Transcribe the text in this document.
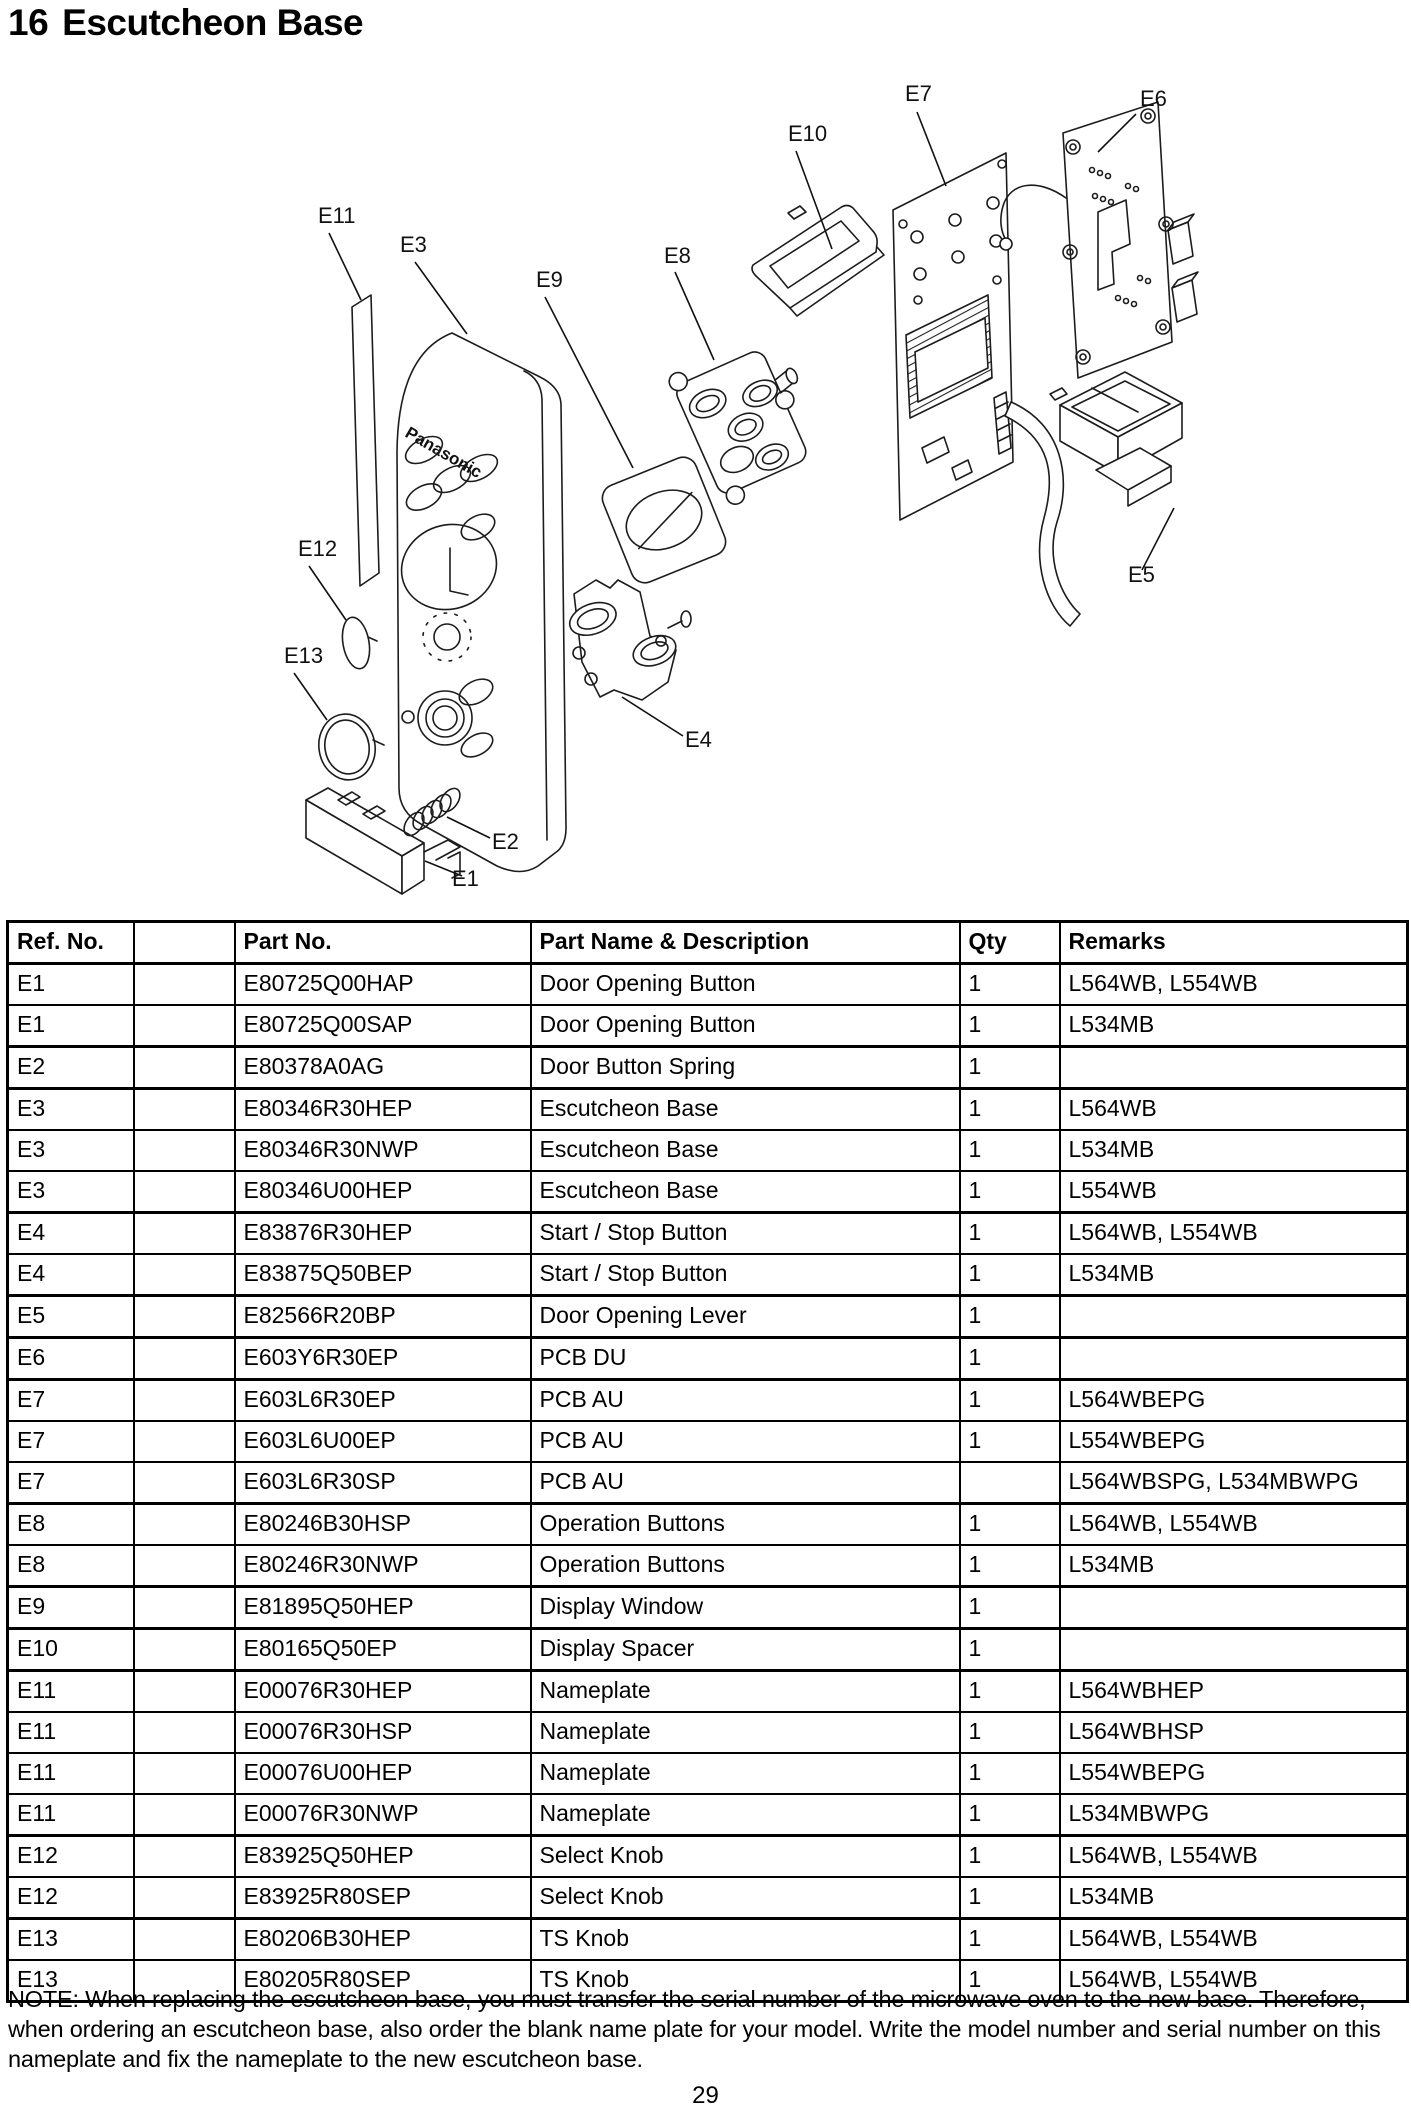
16 Escutcheon Base
Panasonic
E1
E2
E3
E4
E5
E6
E7
E8
E9
E10
E11
E12
E13
Ref. No.		Part No.	Part Name & Description	Qty	Remarks
E1		E80725Q00HAP	Door Opening Button	1	L564WB, L554WB
E1		E80725Q00SAP	Door Opening Button	1	L534MB
E2		E80378A0AG	Door Button Spring	1	
E3		E80346R30HEP	Escutcheon Base	1	L564WB
E3		E80346R30NWP	Escutcheon Base	1	L534MB
E3		E80346U00HEP	Escutcheon Base	1	L554WB
E4		E83876R30HEP	Start / Stop Button	1	L564WB, L554WB
E4		E83875Q50BEP	Start / Stop Button	1	L534MB
E5		E82566R20BP	Door Opening Lever	1	
E6		E603Y6R30EP	PCB DU	1	
E7		E603L6R30EP	PCB AU	1	L564WBEPG
E7		E603L6U00EP	PCB AU	1	L554WBEPG
E7		E603L6R30SP	PCB AU		L564WBSPG, L534MBWPG
E8		E80246B30HSP	Operation Buttons	1	L564WB, L554WB
E8		E80246R30NWP	Operation Buttons	1	L534MB
E9		E81895Q50HEP	Display Window	1	
E10		E80165Q50EP	Display Spacer	1	
E11		E00076R30HEP	Nameplate	1	L564WBHEP
E11		E00076R30HSP	Nameplate	1	L564WBHSP
E11		E00076U00HEP	Nameplate	1	L554WBEPG
E11		E00076R30NWP	Nameplate	1	L534MBWPG
E12		E83925Q50HEP	Select Knob	1	L564WB, L554WB
E12		E83925R80SEP	Select Knob	1	L534MB
E13		E80206B30HEP	TS Knob	1	L564WB, L554WB
E13		E80205R80SEP	TS Knob	1	L564WB, L554WB

NOTE: When replacing the escutcheon base, you must transfer the serial number of the microwave oven to the new base. Therefore, when ordering an escutcheon base, also order the blank name plate for your model. Write the model number and serial number on this nameplate and fix the nameplate to the new escutcheon base.

29
